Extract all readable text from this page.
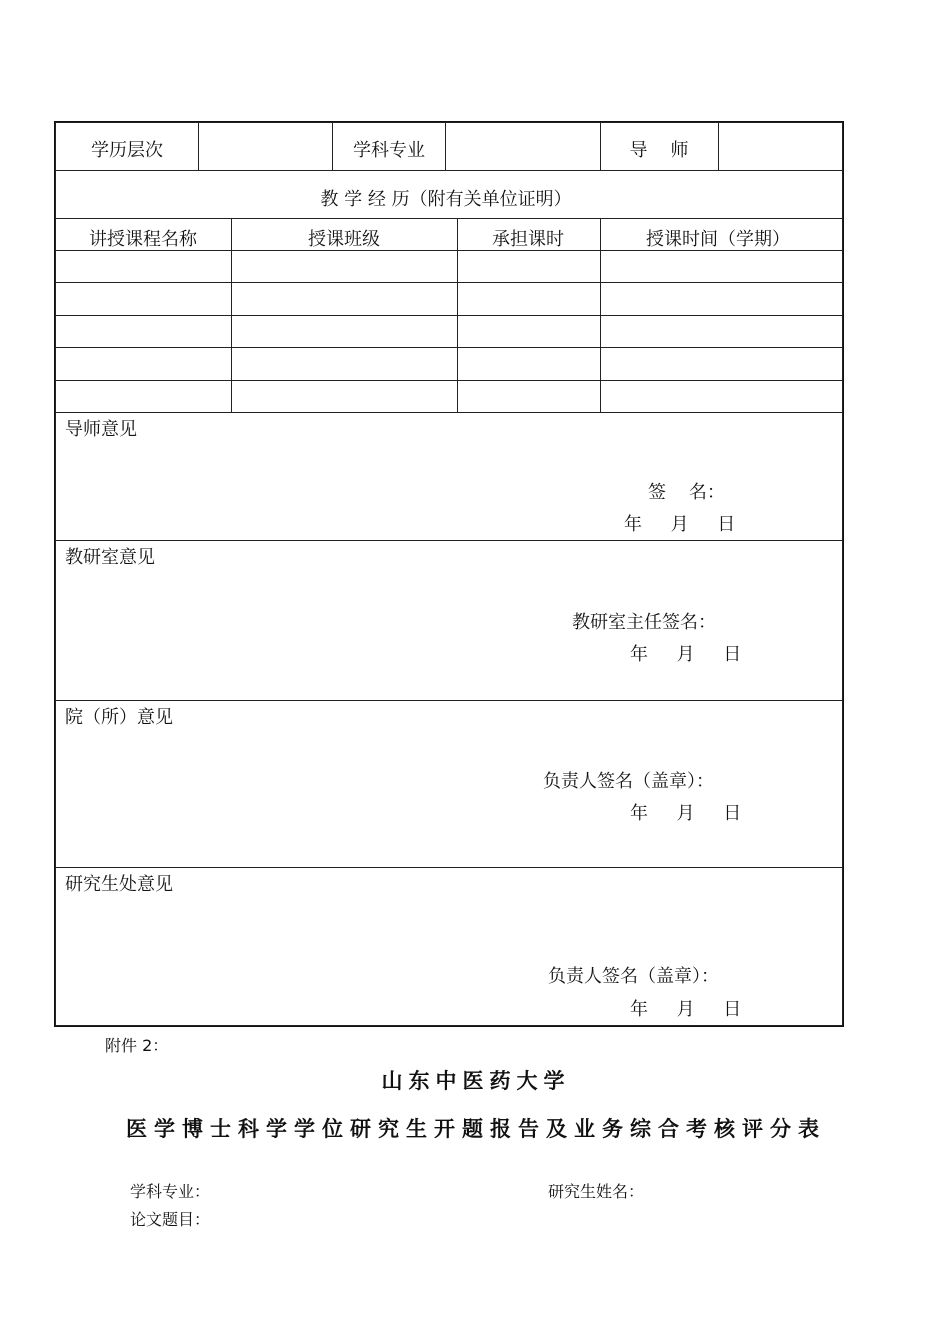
学历层次	学科专业	导    师
教 学 经 历（附有关单位证明）
讲授课程名称	授课班级	承担课时	授课时间（学期）
导师意见
签    名：
年     月     日
教研室意见
教研室主任签名：
年     月     日
院（所）意见
负责人签名（盖章）：
年     月     日
研究生处意见
负责人签名（盖章）：
年     月     日
附件 2：
山东中医药大学
医学博士科学学位研究生开题报告及业务综合考核评分表
学科专业：	研究生姓名：
论文题目：
